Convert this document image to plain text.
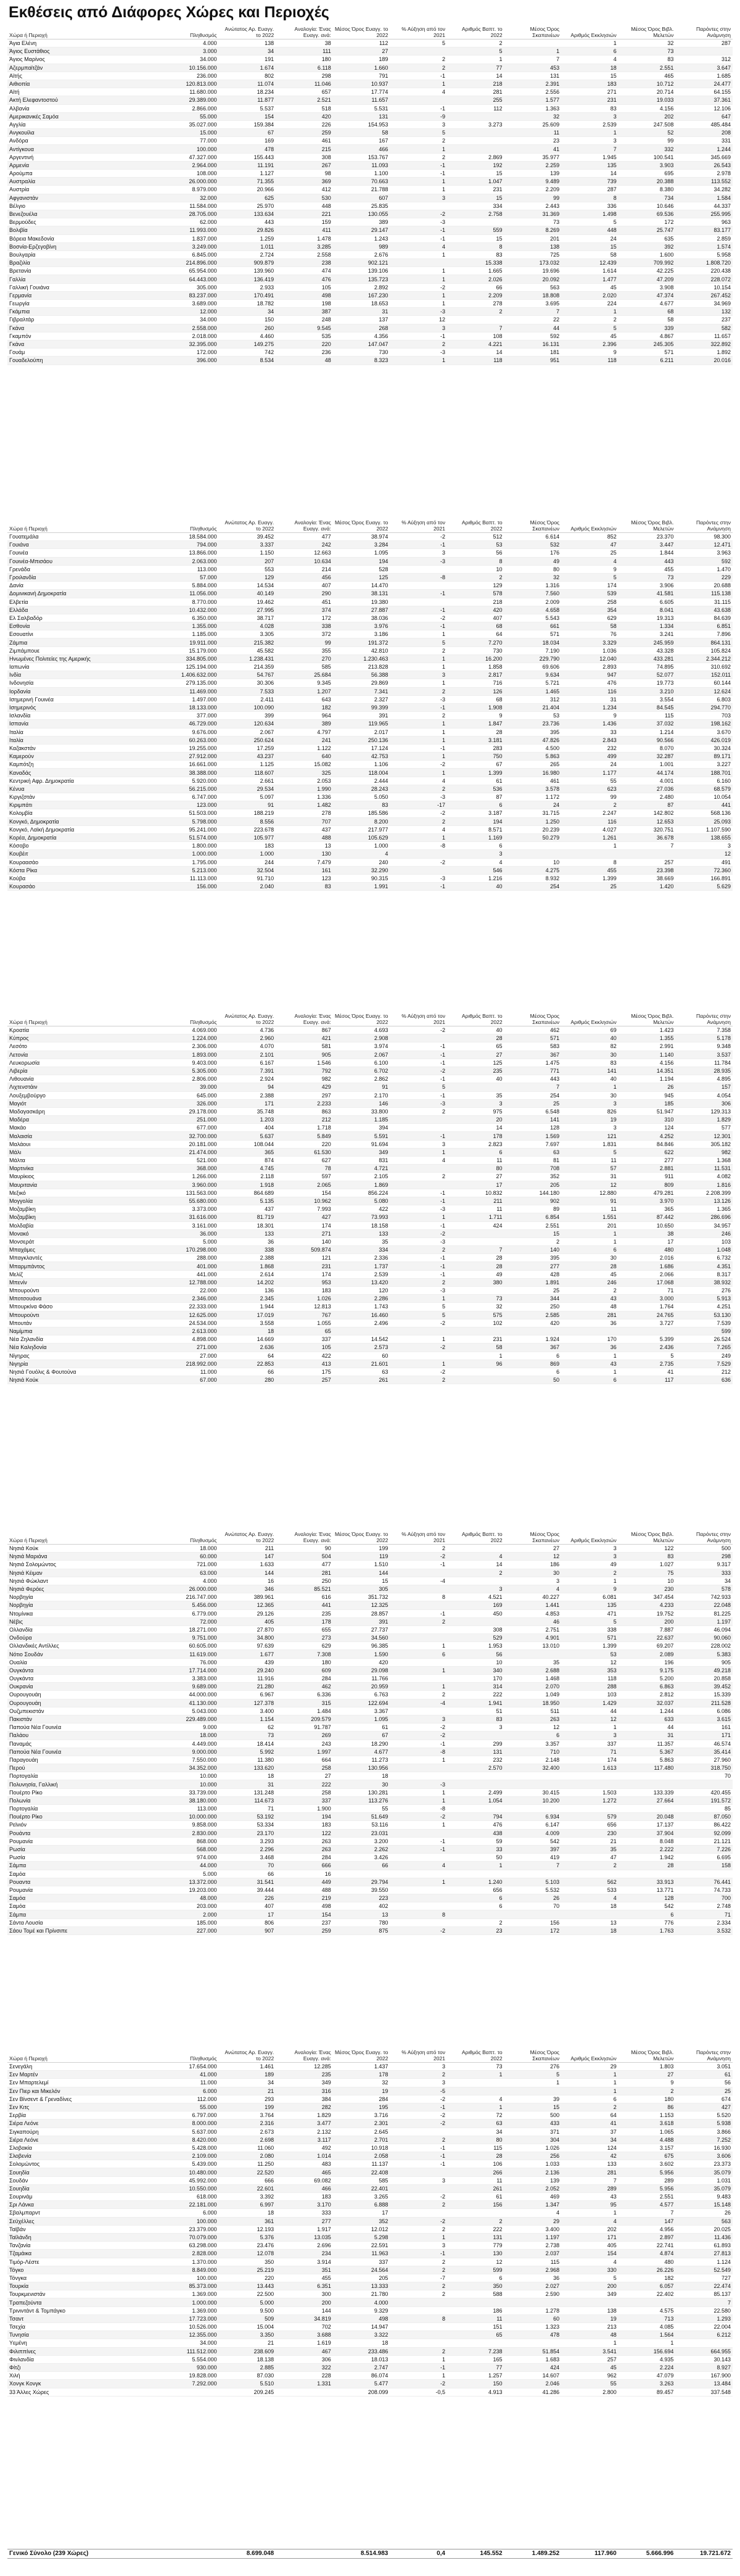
Εκθέσεις από Διάφορες Χώρες και Περιοχές
Χώρα ή Περιοχή	Πληθυσμός	Ανώτατος Αρ. Ευαγγ. το 2022	Αναλογία: Ένας Ευαγγ. ανά:	Μέσος Όρος Ευαγγ. το 2022	% Αύξηση από τον 2021	Αριθμός Βαπτ. το 2022	Μέσος Όρος Σκαπανέων	Αριθμός Εκκλησιών	Μέσος Όρος Βιβλ. Μελετών	Παρόντες στην Ανάμνηση
Άγια Ελένη	4.000	138	38	112	5	2		1	32	287
Άγιος Ευστάθιος	3.000	34	111	27		5	1	6	73	
Άγιος Μαρίνος	34.000	191	180	189	2	1	7	4	83	312
Αζερμπαϊτζάν	10.156.000	1.674	6.118	1.660	2	77	453	18	2.551	3.647
Αϊτής	236.000	802	298	791	-1	14	131	15	465	1.685
Αιθιοπία	120.813.000	11.074	11.046	10.937	1	218	2.391	183	10.712	24.477
Αϊτή	11.680.000	18.234	657	17.774	4	281	2.556	271	20.714	64.155
Ακτή Ελεφαντοστού	29.389.000	11.877	2.521	11.657		255	1.577	231	19.033	37.361
Αλβανία	2.866.000	5.537	518	5.531	-1	112	1.363	83	4.156	12.106
Αμερικανικές Σαμόα	55.000	154	420	131	-9		32	3	202	647
Αγγλία	35.027.000	159.384	226	154.953	3	3.273	25.609	2.539	247.508	485.484
Ανγκουίλα	15.000	67	259	58	5		11	1	52	208
Ανδόρα	77.000	169	461	167	2		23	3	99	331
Αντίγκουα	100.000	478	215	466	1		41	7	332	1.244
Αργεντινή	47.327.000	155.443	308	153.767	2	2.869	35.977	1.945	100.541	345.669
Αρμενία	2.964.000	11.191	267	11.093	-1	192	2.259	135	3.903	26.543
Αρούμπα	108.000	1.127	98	1.100	-1	15	139	14	695	2.978
Αυστραλία	26.000.000	71.355	369	70.663	1	1.047	9.489	739	20.388	113.552
Αυστρία	8.979.000	20.966	412	21.788	1	231	2.209	287	8.380	34.282
Αφγανιστάν	32.000	625	530	607	3	15	99	8	734	1.584
Βέλγιο	11.584.000	25.970	448	25.835		334	2.443	336	10.646	44.337
Βενεζουέλα	28.705.000	133.634	221	130.055	-2	2.758	31.369	1.498	69.536	255.995
Βερμούδες	62.000	443	159	389	-3		73	5	172	963
Βολιβία	11.993.000	29.826	411	29.147	-1	559	8.269	448	25.747	83.177
Βόρεια Μακεδονία	1.837.000	1.259	1.478	1.243	-1	15	201	24	635	2.859
Βοσνία-Ερζεγοβίνη	3.249.000	1.011	3.285	989	4	8	138	15	392	1.574
Βουλγαρία	6.845.000	2.724	2.558	2.676	1	83	725	58	1.600	5.958
Βραζιλία	214.896.000	909.879	238	902.121		15.338	173.032	12.439	709.992	1.808.720
Βρετανία	65.954.000	139.960	474	139.106	1	1.665	19.696	1.614	42.225	220.438
Γαλλία	64.443.000	136.419	476	135.723	1	2.026	20.092	1.477	47.209	228.072
Γαλλική Γουιάνα	305.000	2.933	105	2.892	-2	66	563	45	3.908	10.154
Γερμανία	83.237.000	170.491	498	167.230	1	2.209	18.808	2.020	47.374	267.452
Γεωργία	3.689.000	18.782	198	18.653	1	278	3.695	224	4.677	34.969
Γκάμπια	12.000	34	387	31	-3	2	7	1	68	132
Γιβραλτάρ	34.000	150	248	137	12		22	2	58	237
Γκάνα	2.558.000	260	9.545	268	3	7	44	5	339	582
Γκαμπόν	2.018.000	4.460	535	4.356	-1	108	592	45	4.867	11.657
Γκάνα	32.395.000	149.275	220	147.047	2	4.221	16.131	2.396	245.305	322.892
Γουάμ	172.000	742	236	730	-3	14	181	9	571	1.892
Γουαδελούπη	396.000	8.534	48	8.323	1	118	951	118	6.211	20.016
Χώρα ή Περιοχή	Πληθυσμός	Ανώτατος Αρ. Ευαγγ. το 2022	Αναλογία: Ένας Ευαγγ. ανά:	Μέσος Όρος Ευαγγ. το 2022	% Αύξηση από τον 2021	Αριθμός Βαπτ. το 2022	Μέσος Όρος Σκαπανέων	Αριθμός Εκκλησιών	Μέσος Όρος Βιβλ. Μελετών	Παρόντες στην Ανάμνηση
Γουατεμάλα	18.584.000	39.452	477	38.974	-2	512	6.614	852	23.370	98.300
Γουιάνα	794.000	3.337	242	3.284	-1	53	532	47	3.447	12.471
Γουινέα	13.866.000	1.150	12.663	1.095	3	56	176	25	1.844	3.963
Γουινέα-Μπισάου	2.063.000	207	10.634	194	-3	8	49	4	443	592
Γρενάδα	113.000	553	214	528		10	80	9	455	1.470
Γροιλανδία	57.000	129	456	125	-8	2	32	5	73	229
Δανία	5.884.000	14.534	407	14.470		129	1.316	174	3.906	20.688
Δομινικανή Δημοκρατία	11.056.000	40.149	290	38.131	-1	578	7.560	539	41.581	115.138
Ελβετία	8.770.000	19.462	451	19.380		218	2.009	258	6.605	31.115
Ελλάδα	10.432.000	27.995	374	27.887	-1	420	4.658	354	8.041	43.638
Ελ Σαλβαδόρ	6.350.000	38.717	172	38.036	-2	407	5.543	629	19.313	84.639
Εσθονία	1.355.000	4.028	338	3.976	-1	68	661	58	1.334	6.851
Εσουατίνι	1.185.000	3.305	372	3.186	1	64	571	76	3.241	7.896
Ζάμπια	19.911.000	215.382	99	191.372	5	7.270	18.034	3.329	245.959	864.131
Ζιμπάμπουε	15.179.000	45.582	355	42.810	2	730	7.190	1.036	43.328	105.824
Ηνωμένες Πολιτείες της Αμερικής	334.805.000	1.238.431	270	1.230.463	1	16.200	229.790	12.040	433.281	2.344.212
Ιαπωνία	125.194.000	214.359	585	213.828	1	1.858	69.606	2.893	74.895	310.692
Ινδία	1.406.632.000	54.767	25.684	56.388	3	2.817	9.634	947	52.077	152.011
Ινδονησία	279.135.000	30.306	9.345	29.869	1	716	5.721	476	19.773	60.144
Ιορδανία	11.469.000	7.533	1.207	7.341	2	126	1.465	116	3.210	12.624
Ισημερινή Γουινέα	1.497.000	2.411	643	2.327	-3	68	312	31	3.554	6.803
Ισημερινός	18.133.000	100.090	182	99.399	-1	1.908	21.404	1.234	84.545	294.770
Ισλανδία	377.000	399	964	391	2	9	53	9	115	703
Ισπανία	46.729.000	120.634	389	119.965	1	1.847	23.736	1.436	37.032	198.162
Ιταλία	9.676.000	2.067	4.797	2.017	1	28	395	33	1.214	3.670
Ιταλία	60.263.000	250.624	241	250.136	1	3.181	47.826	2.843	90.566	426.019
Καζακστάν	19.255.000	17.259	1.122	17.124	-1	283	4.500	232	8.070	30.324
Καμερούν	27.912.000	43.237	640	42.753	1	750	5.863	499	32.287	89.171
Καμπότζη	16.661.000	1.125	15.082	1.106	-2	67	265	24	1.001	3.227
Καναδάς	38.388.000	118.607	325	118.004	1	1.399	16.980	1.177	44.174	188.701
Κεντρική Αφρ. Δημοκρατία	5.920.000	2.661	2.053	2.444	4	61	461	55	4.001	6.160
Κένυα	56.215.000	29.534	1.990	28.243	2	536	3.578	623	27.036	68.579
Κιργιζστάν	6.747.000	5.097	1.336	5.050	-3	87	1.172	99	2.480	10.054
Κιριμπάτι	123.000	91	1.482	83	-17	6	24	2	87	441
Κολομβία	51.503.000	188.219	278	185.586	-2	3.187	31.715	2.247	142.802	568.136
Κονγκό, Δημοκρατία	5.798.000	8.556	707	8.200	2	194	1.250	116	12.653	25.093
Κονγκό, Λαϊκή Δημοκρατία	95.241.000	223.678	437	217.977	4	8.571	20.239	4.027	320.751	1.107.590
Κορέα, Δημοκρατία	51.574.000	105.977	488	105.629	1	1.169	50.279	1.261	36.678	138.655
Κόσοβο	1.800.000	183	13	1.000	-8	6		1	7	3
Κουβέιτ	1.000.000	1.000	130	4		3				12
Κουραασάο	1.795.000	244	7.479	240	-2	4	10	8	257	491
Κόστα Ρίκα	5.213.000	32.504	161	32.290		546	4.275	455	23.398	72.360
Κούβα	11.113.000	91.710	123	90.315	-3	1.216	8.932	1.399	38.669	166.891
Κουρασάο	156.000	2.040	83	1.991	-1	40	254	25	1.420	5.629
Χώρα ή Περιοχή	Πληθυσμός	Ανώτατος Αρ. Ευαγγ. το 2022	Αναλογία: Ένας Ευαγγ. ανά:	Μέσος Όρος Ευαγγ. το 2022	% Αύξηση από τον 2021	Αριθμός Βαπτ. το 2022	Μέσος Όρος Σκαπανέων	Αριθμός Εκκλησιών	Μέσος Όρος Βιβλ. Μελετών	Παρόντες στην Ανάμνηση
Κροατία	4.069.000	4.736	867	4.693	-2	40	462	69	1.423	7.358
Κύπρος	1.224.000	2.960	421	2.908		28	571	40	1.355	5.178
Λεσότο	2.306.000	4.070	581	3.974	-1	65	583	82	2.991	9.348
Λετονία	1.893.000	2.101	905	2.067	-1	27	367	30	1.140	3.537
Λευκορωσία	9.403.000	6.167	1.546	6.100	-1	125	1.475	83	4.156	11.784
Λιβερία	5.305.000	7.391	792	6.702	-2	235	771	141	14.351	28.935
Λιθουανία	2.806.000	2.924	982	2.862	-1	40	443	40	1.194	4.895
Λιχτενστάιν	39.000	94	429	91	5		7	1	26	157
Λουξεμβούργο	645.000	2.388	297	2.170	-1	35	254	30	945	4.054
Μαγιότ	326.000	171	2.233	146	-3	3	25	3	185	306
Μαδαγασκάρη	29.178.000	35.748	863	33.800	2	975	6.548	826	51.947	129.313
Μαδέρα	251.000	1.203	212	1.185		20	141	19	310	1.829
Μακάο	677.000	404	1.718	394		14	128	3	124	577
Μαλαισία	32.700.000	5.637	5.849	5.591	-1	178	1.569	121	4.252	12.301
Μαλάουι	20.181.000	108.044	220	91.694	3	2.823	7.697	1.831	84.846	305.182
Μάλι	21.474.000	365	61.530	349	1	6	63	5	622	982
Μάλτα	521.000	874	627	831	4	11	81	11	277	1.368
Μαρτινίκα	368.000	4.745	78	4.721		80	708	57	2.881	11.531
Μαυρίκιος	1.266.000	2.118	597	2.105	2	27	352	31	911	4.082
Μαυριτανία	3.960.000	1.918	2.065	1.869		17	205	12	809	1.816
Μεξικό	131.563.000	864.689	154	856.224	-1	10.832	144.180	12.880	479.281	2.208.399
Μογγολία	55.680.000	5.135	10.962	5.080	-1	211	902	91	3.970	13.126
Μοζαμβίκη	3.373.000	437	7.993	422	-3	11	89	11	365	1.365
Μοζαμβίκη	31.616.000	81.719	427	73.993	1	1.711	6.854	1.551	87.442	286.696
Μολδαβία	3.161.000	18.301	174	18.158	-1	424	2.551	201	10.650	34.957
Μονακό	36.000	133	271	133	-2		15	1	38	246
Μονσεράτ	5.000	36	140	35	-3		2	1	17	103
Μπαχάμες	170.298.000	338	509.874	334	2	7	140	6	480	1.048
Μπαγκλαντές	288.000	2.388	121	2.336	-1	28	395	30	2.016	6.732
Μπαρμπάντος	401.000	1.868	231	1.737	-1	28	277	28	1.686	4.351
Μελίζ	441.000	2.614	174	2.539	-1	49	428	45	2.066	8.317
Μπενίν	12.788.000	14.202	953	13.420	2	380	1.891	246	17.068	38.932
Μπουρούντι	22.000	136	183	120	-3		25	2	71	276
Μποτσουάνα	2.346.000	2.345	1.026	2.286	1	73	344	43	3.000	5.913
Μπουρκίνα Φάσο	22.333.000	1.944	12.813	1.743	5	32	250	48	1.764	4.251
Μπουρούντι	12.625.000	17.019	767	16.460	5	575	2.585	281	24.765	53.130
Μπουτάν	24.534.000	3.558	1.055	2.496	-2	102	420	36	3.727	7.539
Ναμίμπια	2.613.000	18	65							599
Νέα Ζηλανδία	4.898.000	14.669	337	14.542	1	231	1.924	170	5.399	26.524
Νέα Καληδονία	271.000	2.636	105	2.573	-2	58	367	36	2.436	7.265
Νίγηρας	27.000	64	422	60		1	6	1	5	249
Νιγηρία	218.992.000	22.853	413	21.601	1	96	869	43	2.735	7.529
Νησιά Γουόλις & Φουτούνα	11.000	66	175	63	-2		6	1	41	212
Νησιά Κούκ	67.000	280	257	261	2		50	6	117	636
Χώρα ή Περιοχή	Πληθυσμός	Ανώτατος Αρ. Ευαγγ. το 2022	Αναλογία: Ένας Ευαγγ. ανά:	Μέσος Όρος Ευαγγ. το 2022	% Αύξηση από τον 2021	Αριθμός Βαπτ. το 2022	Μέσος Όρος Σκαπανέων	Αριθμός Εκκλησιών	Μέσος Όρος Βιβλ. Μελετών	Παρόντες στην Ανάμνηση
Νησιά Κούκ	18.000	211	90	199	2		27	3	122	500
Νησιά Μαριάνα	60.000	147	504	119	-2	4	12	3	83	298
Νησιά Σολομώντος	721.000	1.633	477	1.510	-1	14	186	49	1.027	9.317
Νησιά Κέιμαν	63.000	144	281	144		2	30	2	75	333
Νησιά Φώκλαντ	4.000	16	250	15	-4		3	1	10	34
Νησιά Φερόες	26.000.000	346	85.521	305		3	4	9	230	578
Νορβηγία	216.747.000	389.961	616	351.732	8	4.521	40.227	6.081	347.454	742.933
Νορβηγία	5.456.000	12.365	441	12.325		169	1.441	135	4.233	22.048
Ντομίνικα	6.779.000	29.126	235	28.857	-1	450	4.853	471	19.752	81.225
Νέβις	72.000	405	178	391	2		46	5	200	1.197
Ολλανδία	18.271.000	27.870	655	27.737		308	2.751	338	7.887	46.094
Ονδούρα	9.751.000	34.800	273	34.560		529	4.901	571	22.637	90.060
Ολλανδικές Αντίλλες	60.605.000	97.639	629	96.385	1	1.953	13.010	1.399	69.207	228.002
Νότιο Σουδάν	11.619.000	1.677	7.308	1.590	6	56		53	2.089	5.383
Ουαλία	76.000	439	180	420		10	35	12	196	905
Ουγκάντα	17.714.000	29.240	609	29.098	1	340	2.688	353	9.175	49.218
Ουγκάντα	3.383.000	11.916	284	11.766		170	1.468	118	5.200	20.858
Ουκρανία	9.689.000	21.280	462	20.959	1	314	2.070	288	6.863	39.452
Ουρουγουάη	44.000.000	6.967	6.336	6.763	2	222	1.049	103	2.812	15.339
Ουρουγουάη	41.130.000	127.378	315	122.694	-4	1.941	18.950	1.429	32.037	211.528
Ουζμπεκιστάν	5.043.000	3.400	1.484	3.367		51	511	44	1.244	6.086
Πακιστάν	229.489.000	1.154	209.579	1.095	3	83	263	12	633	3.615
Παπούα Νέα Γουινέα	9.000	62	91.787	61	-2	3	12	1	44	161
Παλάου	18.000	73	269	67	-2		6	3	31	171
Παναμάς	4.449.000	18.414	243	18.290	-1	299	3.357	337	11.357	46.574
Παπούα Νέα Γουινέα	9.000.000	5.992	1.997	4.677	-8	131	710	71	5.367	35.414
Παραγουάη	7.550.000	11.380	664	11.273	1	232	2.148	174	5.863	27.960
Περού	34.352.000	133.620	258	130.956		2.570	32.400	1.613	117.480	318.750
Πορτογαλία	10.000	18	27	18						70
Πολυνησία, Γαλλική	10.000	31	222	30	-3					
Πουέρτο Ρίκο	33.739.000	131.248	258	130.281	1	2.499	30.415	1.503	133.339	420.455
Πολωνία	38.180.000	114.673	337	113.276	1	1.054	10.200	1.272	27.664	191.572
Πορτογαλία	113.000	71	1.900	55	-8					85
Πουέρτο Ρίκο	10.000.000	53.192	194	51.649	-2	794	6.934	579	20.048	87.050
Ρεϊνιόν	9.858.000	53.334	183	53.116	1	476	6.147	656	17.137	86.422
Ρουάντα	2.830.000	23.170	122	23.031		438	4.009	230	37.904	92.099
Ρουμανία	868.000	3.293	263	3.200	-1	59	542	21	8.048	21.121
Ρωσία	568.000	2.296	263	2.262	-1	33	397	35	2.222	7.226
Ρωσία	974.000	3.468	284	3.426		50	419	47	1.942	6.695
Σάμπα	44.000	70	666	66	4	1	7	2	28	158
Σαμόα	5.000	66	16							
Ρουαντα	13.372.000	31.541	449	29.794	1	1.240	5.103	562	33.913	76.441
Ρουμανία	19.203.000	39.444	488	39.550		656	5.532	533	13.771	74.733
Σαμόα	48.000	226	219	223		6	26	4	128	700
Σαμόα	203.000	407	498	402		6	70	18	542	2.748
Σάμπα	2.000	17	154	13	8				6	71
Σάντα Λουσία	185.000	806	237	780		2	156	13	776	2.334
Σάου Τομέ και Πρίνσιπε	227.000	907	259	875	-2	23	172	18	1.763	3.532
Χώρα ή Περιοχή	Πληθυσμός	Ανώτατος Αρ. Ευαγγ. το 2022	Αναλογία: Ένας Ευαγγ. ανά:	Μέσος Όρος Ευαγγ. το 2022	% Αύξηση από τον 2021	Αριθμός Βαπτ. το 2022	Μέσος Όρος Σκαπανέων	Αριθμός Εκκλησιών	Μέσος Όρος Βιβλ. Μελετών	Παρόντες στην Ανάμνηση
Σενεγάλη	17.654.000	1.461	12.285	1.437	3	73	276	29	1.803	3.051
Σεν Μαρτέν	41.000	189	235	178	2	1	5	1	27	61
Σεν Μπαρτελεμί	11.000	34	349	32	3		1	1	9	56
Σεν Πιερ και Μικελόν	6.000	21	316	19	-5			1	2	25
Σεν Βίνσεντ & Γρεναδίνες	112.000	293	384	284	-2	4	39	6	180	674
Σεν Κιτς	55.000	199	282	195	-1	1	15	2	86	427
Σερβία	6.797.000	3.764	1.829	3.716	-2	72	500	64	1.153	5.520
Σιέρα Λεόνε	8.000.000	2.316	3.477	2.301	-2	63	433	41	3.618	5.938
Σιγκαπούρη	5.637.000	2.673	2.132	2.645		34	371	37	1.065	3.866
Σιέρα Λεόνε	8.420.000	2.698	3.117	2.701	2	80	304	34	4.488	7.252
Σλοβακία	5.428.000	11.060	492	10.918	-1	115	1.026	124	3.157	16.930
Σλοβενία	2.109.000	2.080	1.014	2.058	-1	28	256	42	675	3.606
Σολομώντος	5.439.000	11.250	483	11.137	-1	106	1.033	133	3.602	23.373
Σουηδία	10.480.000	22.520	465	22.408		266	2.136	281	5.956	35.079
Σουδάν	45.992.000	666	69.082	585	3	11	139	7	289	1.031
Σουηδία	10.550.000	22.601	466	22.401		261	2.052	289	5.956	35.079
Σουρινάμ	618.000	3.392	183	3.265	-2	61	469	43	2.551	9.483
Σρι Λάνκα	22.181.000	6.997	3.170	6.888	2	156	1.347	95	4.577	15.148
Σβαλμπαρντ	6.000	18	333	17			4	1	7	26
Σεϋχέλλες	100.000	361	277	352	-2	2	29	4	147	563
Ταϊβάν	23.379.000	12.193	1.917	12.012	2	222	3.400	202	4.956	20.025
Ταϊλάνδη	70.079.000	5.376	13.035	5.298	1	131	1.197	171	2.897	11.436
Τανζανία	63.298.000	23.476	2.696	22.591	3	779	2.738	405	22.741	61.893
Τζαμάικα	2.828.000	12.078	234	11.963	-1	130	2.037	154	4.874	27.813
Τιμόρ-Λέστε	1.370.000	350	3.914	337	2	12	115	4	480	1.124
Τόγκο	8.849.000	25.219	351	24.564	2	599	2.968	330	26.226	52.549
Τόνγκα	100.000	220	455	205	-7	6	36	5	182	727
Τουρκία	85.373.000	13.443	6.351	13.333	2	350	2.027	200	6.057	22.474
Τουρκμενιστάν	1.369.000	22.500	300	21.780	2	588	2.590	349	22.402	85.137
Τραπεζούντα	1.000.000	5.000	200	4.000						7
Τρινιντάντ & Τομπάγκο	1.369.000	9.500	144	9.329		186	1.278	138	4.575	22.580
Τσαντ	17.723.000	509	34.819	498	8	11	60	19	713	1.293
Τσεχία	10.526.000	15.004	702	14.947		151	1.323	213	4.085	22.004
Τυνησία	12.355.000	3.350	3.688	3.322		65	478	48	1.564	6.212
Υεμένη	34.000	21	1.619	18				1	1	
Φιλιππίνες	111.512.000	238.609	467	233.486	2	7.238	51.854	3.541	156.694	664.955
Φινλανδία	5.554.000	18.138	306	18.013	1	165	1.683	257	4.935	30.143
Φίτζι	930.000	2.885	322	2.747	-1	77	424	45	2.224	8.927
Χιλή	19.828.000	87.030	228	86.074	1	1.257	14.607	962	47.079	167.900
Χονγκ Κονγκ	7.292.000	5.510	1.331	5.477	-2	150	2.046	55	3.263	13.484
33 Άλλες Χώρες		209.245		208.099	-0,5	4.913	41.286	2.800	89.457	337.548
Γενικό Σύνολο (239 Χώρες)		8.699.048		8.514.983	0,4	145.552	1.489.252	117.960	5.666.996	19.721.672
